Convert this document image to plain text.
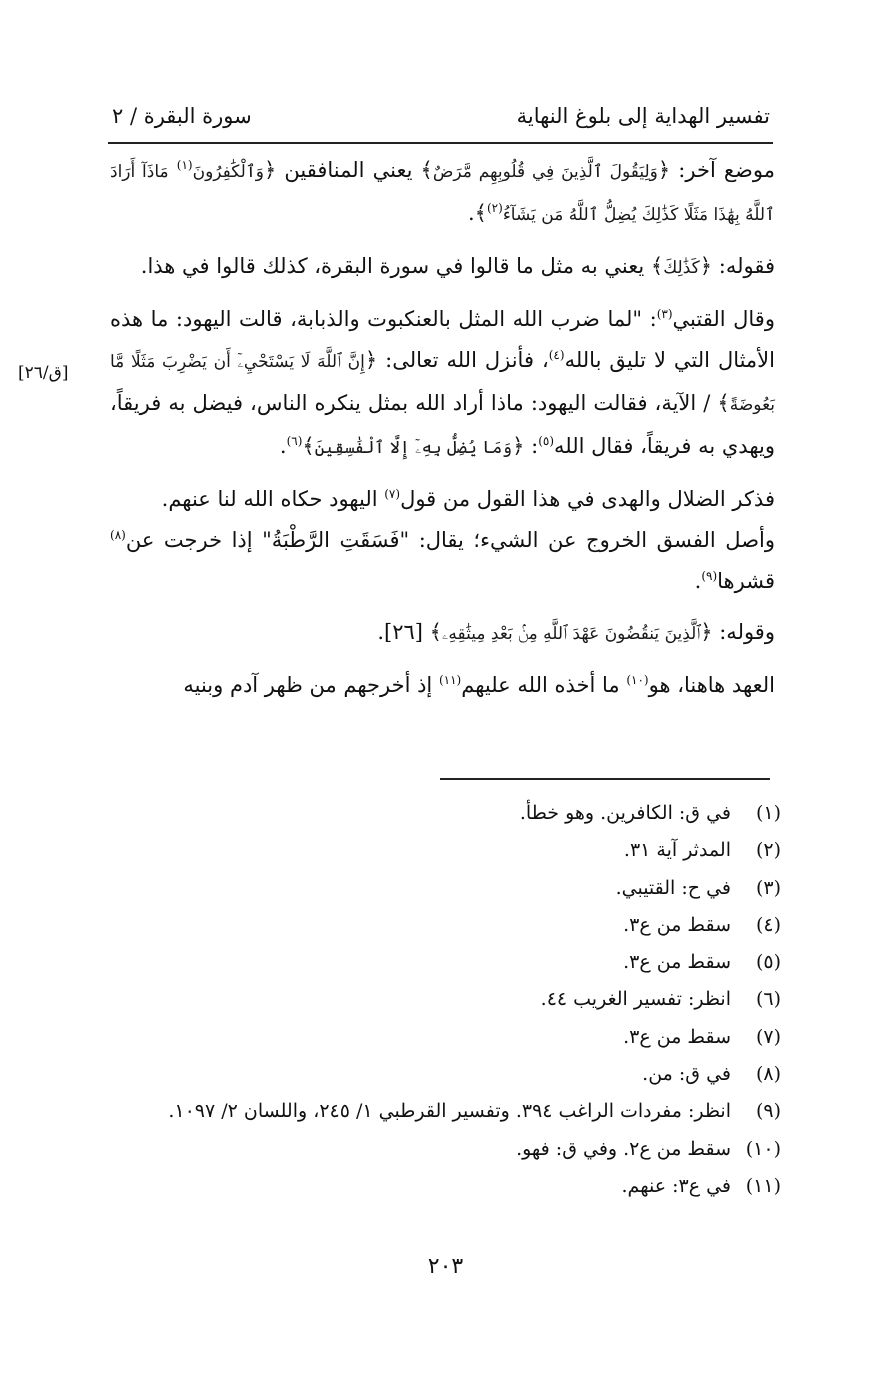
تفسير الهداية إلى بلوغ النهاية
سورة البقرة / ٢

موضع آخر: ﴿وَلِيَقُولَ ٱلَّذِينَ فِي قُلُوبِهِم مَّرَضٌ﴾ يعني المنافقين ﴿وَٱلْكَٰفِرُونَ$^{(١)}$ مَاذَآ أَرَادَ ٱللَّهُ بِهَٰذَا مَثَلًا كَذَٰلِكَ يُضِلُّ ٱللَّهُ مَن يَشَآءُ$^{(٢)}$﴾.

فقوله: ﴿كَذَٰلِكَ﴾ يعني به مثل ما قالوا في سورة البقرة، كذلك قالوا في هذا.

وقال القتبي$^{(٣)}$: "لما ضرب الله المثل بالعنكبوت والذبابة، قالت اليهود: ما هذه الأمثال التي لا تليق بالله$^{(٤)}$، فأنزل الله تعالى: ﴿إِنَّ ٱللَّهَ لَا يَسْتَحْيِۦٓ أَن يَضْرِبَ مَثَلًا مَّا بَعُوضَةً﴾ / الآية، فقالت اليهود: ماذا أراد الله بمثل ينكره الناس، فيضل به فريقاً، ويهدي به فريقاً، فقال الله$^{(٥)}$: ﴿وَمَا يُضِلُّ بِهِۦٓ إِلَّا ٱلْفَٰسِقِينَ﴾$^{(٦)}$.

فذكر الضلال والهدى في هذا القول من قول$^{(٧)}$ اليهود حكاه الله لنا عنهم.

وأصل الفسق الخروج عن الشيء؛ يقال: "فَسَقَتِ الرَّطْبَةُ" إذا خرجت عن$^{(٨)}$ قشرها$^{(٩)}$.

وقوله: ﴿ٱلَّذِينَ يَنقُضُونَ عَهْدَ ٱللَّهِ مِنۢ بَعْدِ مِيثَٰقِهِۦ﴾ [٢٦].

العهد هاهنا، هو$^{(١٠)}$ ما أخذه الله عليهم$^{(١١)}$ إذ أخرجهم من ظهر آدم وبنيه

[ق/٢٦]
(١)
في ق: الكافرين. وهو خطأ.
(٢)
المدثر آية ٣١.
(٣)
في ح: القتيبي.
(٤)
سقط من ع٣.
(٥)
سقط من ع٣.
(٦)
انظر: تفسير الغريب ٤٤.
(٧)
سقط من ع٣.
(٨)
في ق: من.
(٩)
انظر: مفردات الراغب ٣٩٤. وتفسير القرطبي ١/ ٢٤٥، واللسان ٢/ ١٠٩٧.
(١٠)
سقط من ع٢. وفي ق: فهو.
(١١)
في ع٣: عنهم.
٢٠٣
